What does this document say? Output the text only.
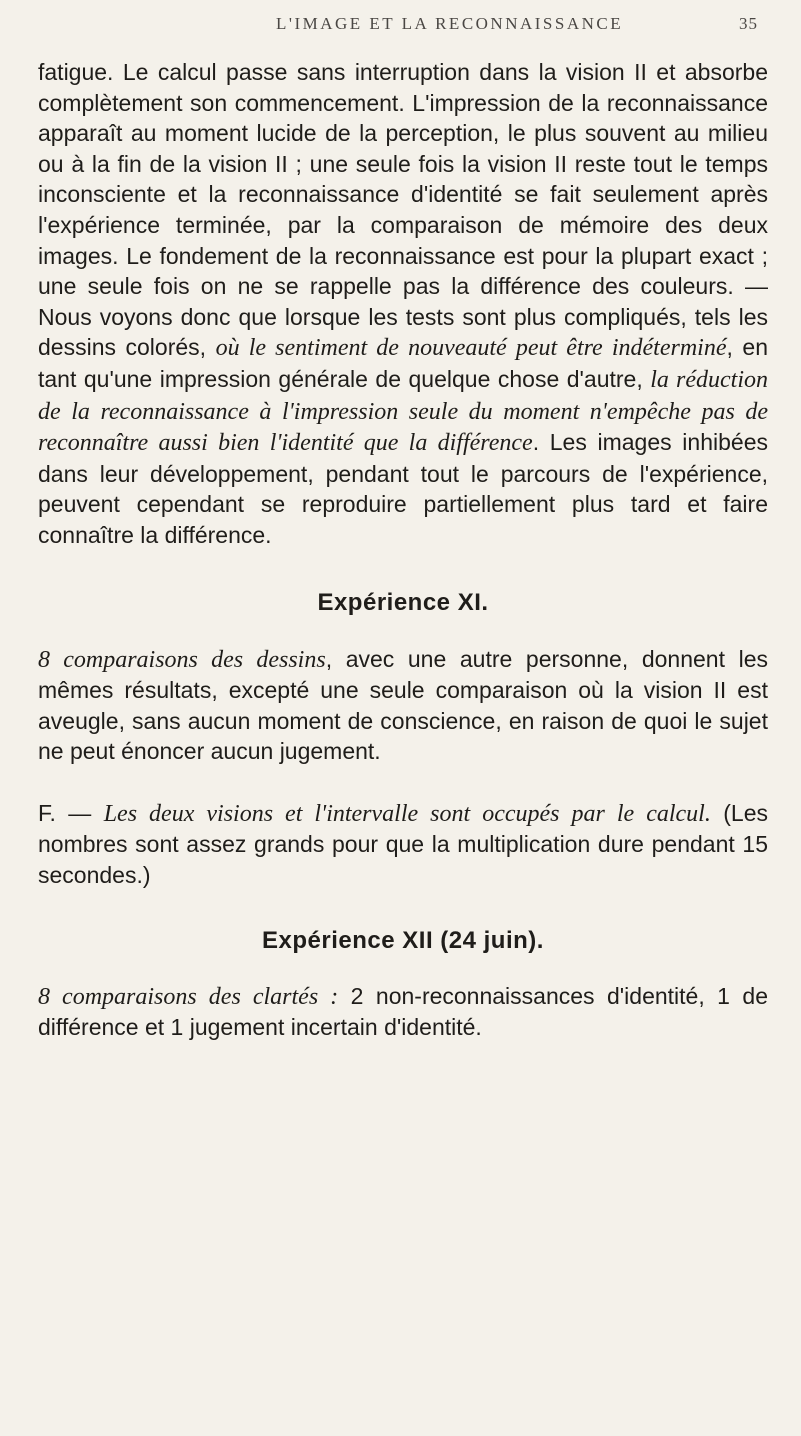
L'IMAGE ET LA RECONNAISSANCE	35

fatigue. Le calcul passe sans interruption dans la vision II et absorbe complètement son commencement. L'impression de la reconnaissance apparaît au moment lucide de la perception, le plus souvent au milieu ou à la fin de la vision II ; une seule fois la vision II reste tout le temps inconsciente et la reconnaissance d'identité se fait seulement après l'expérience terminée, par la comparaison de mémoire des deux images. Le fondement de la reconnaissance est pour la plupart exact ; une seule fois on ne se rappelle pas la différence des couleurs. — Nous voyons donc que lorsque les tests sont plus compliqués, tels les dessins colorés, où le sentiment de nouveauté peut être indéterminé, en tant qu'une impression générale de quelque chose d'autre, la réduction de la reconnaissance à l'impression seule du moment n'empêche pas de reconnaître aussi bien l'identité que la différence. Les images inhibées dans leur développement, pendant tout le parcours de l'expérience, peuvent cependant se reproduire partiellement plus tard et faire connaître la différence.

Expérience XI.

8 comparaisons des dessins, avec une autre personne, donnent les mêmes résultats, excepté une seule comparaison où la vision II est aveugle, sans aucun moment de conscience, en raison de quoi le sujet ne peut énoncer aucun jugement.

F. — Les deux visions et l'intervalle sont occupés par le calcul. (Les nombres sont assez grands pour que la multiplication dure pendant 15 secondes.)

Expérience XII (24 juin).

8 comparaisons des clartés : 2 non-reconnaissances d'identité, 1 de différence et 1 jugement incertain d'identité.
